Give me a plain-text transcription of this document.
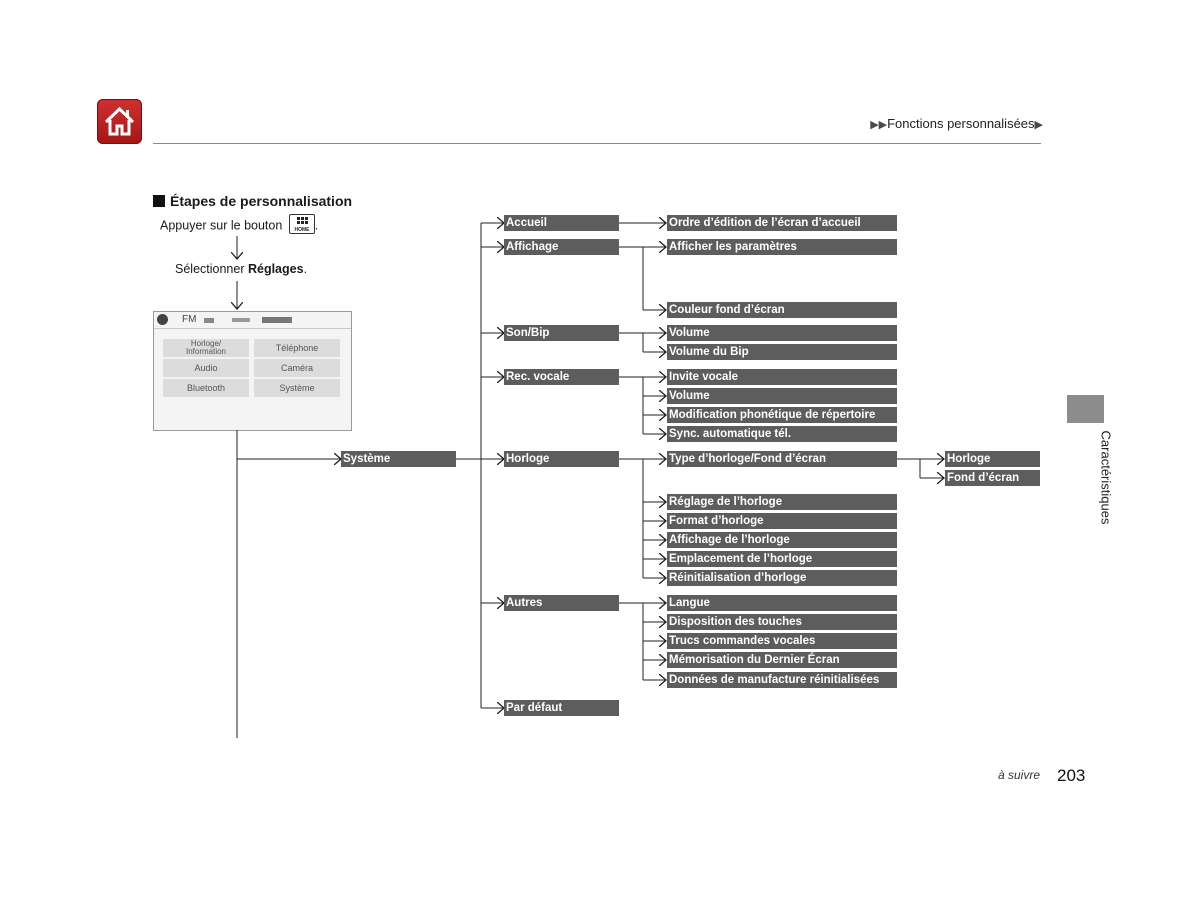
▶▶Fonctions personnalisées▶
Étapes de personnalisation
Appuyer sur le bouton HOME .
Sélectionner Réglages.
FM
Horloge/
Information	Téléphone
Audio	Caméra
Bluetooth	Système
Système
Accueil
Affichage
Son/Bip
Rec. vocale
Horloge
Autres
Par défaut
Ordre d’édition de l’écran d’accueil
Afficher les paramètres
Couleur fond d’écran
Volume
Volume du Bip
Invite vocale
Volume
Modification phonétique de répertoire
Sync. automatique tél.
Type d’horloge/Fond d’écran
Réglage de l’horloge
Format d’horloge
Affichage de l’horloge
Emplacement de l’horloge
Réinitialisation d’horloge
Langue
Disposition des touches
Trucs commandes vocales
Mémorisation du Dernier Écran
Données de manufacture réinitialisées
Horloge
Fond d’écran	Caractéristiques
à suivre 203
